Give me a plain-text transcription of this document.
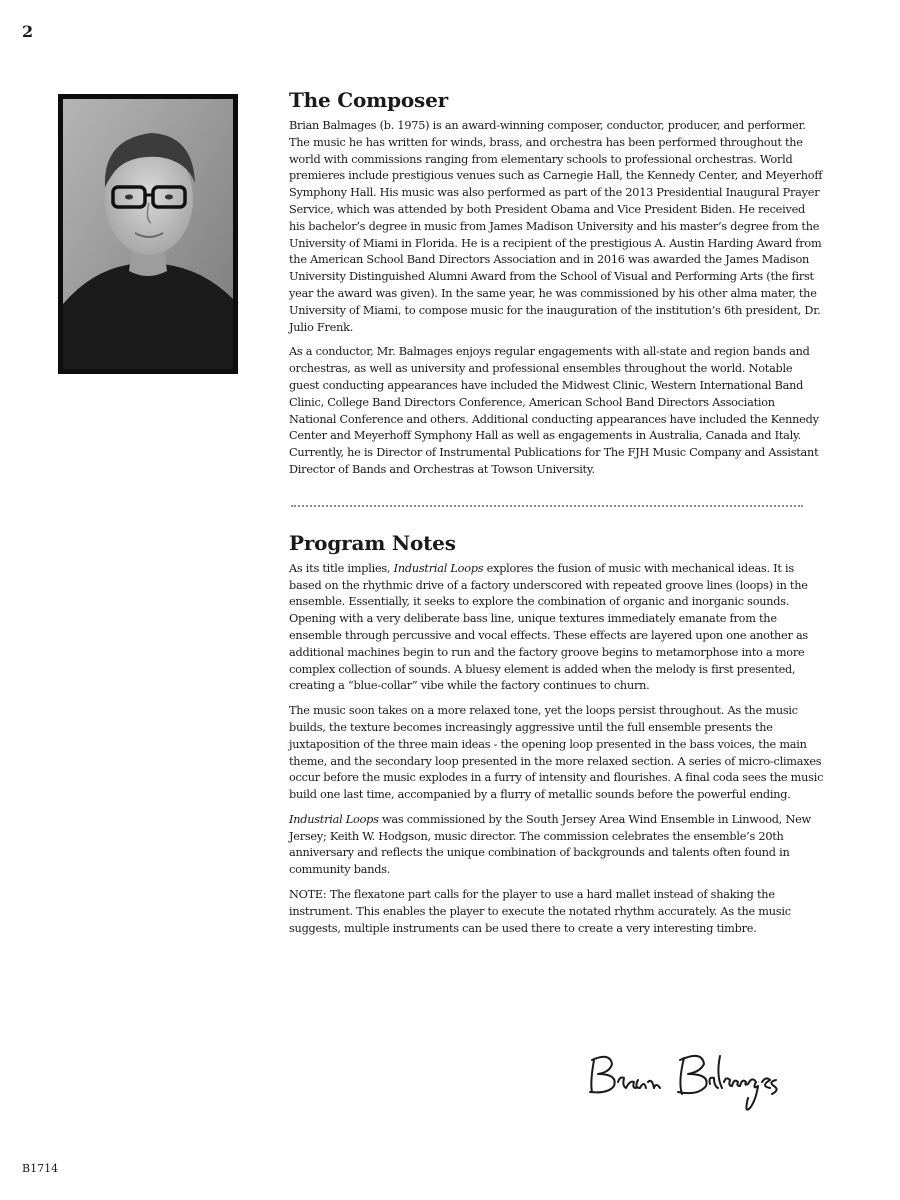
2
The Composer

Brian Balmages (b. 1975) is an award-winning composer, conductor, producer, and performer. The music he has written for winds, brass, and orchestra has been performed throughout the world with commissions ranging from elementary schools to professional orchestras. World premieres include prestigious venues such as Carnegie Hall, the Kennedy Center, and Meyerhoff Symphony Hall. His music was also performed as part of the 2013 Presidential Inaugural Prayer Service, which was attended by both President Obama and Vice President Biden. He received his bachelor’s degree in music from James Madison University and his master’s degree from the University of Miami in Florida. He is a recipient of the prestigious A. Austin Harding Award from the American School Band Directors Association and in 2016 was awarded the James Madison University Distinguished Alumni Award from the School of Visual and Performing Arts (the first year the award was given). In the same year, he was commissioned by his other alma mater, the University of Miami, to compose music for the inauguration of the institution’s 6th president, Dr. Julio Frenk.

As a conductor, Mr. Balmages enjoys regular engagements with all-state and region bands and orchestras, as well as university and professional ensembles throughout the world. Notable guest conducting appearances have included the Midwest Clinic, Western International Band Clinic, College Band Directors Conference, American School Band Directors Association National Conference and others. Additional conducting appearances have included the Kennedy Center and Meyerhoff Symphony Hall as well as engagements in Australia, Canada and Italy. Currently, he is Director of Instrumental Publications for The FJH Music Company and Assistant Director of Bands and Orchestras at Towson University.

Program Notes

As its title implies, Industrial Loops explores the fusion of music with mechanical ideas. It is based on the rhythmic drive of a factory underscored with repeated groove lines (loops) in the ensemble. Essentially, it seeks to explore the combination of organic and inorganic sounds. Opening with a very deliberate bass line, unique textures immediately emanate from the ensemble through percussive and vocal effects. These effects are layered upon one another as additional machines begin to run and the factory groove begins to metamorphose into a more complex collection of sounds. A bluesy element is added when the melody is first presented, creating a “blue-collar” vibe while the factory continues to churn.

The music soon takes on a more relaxed tone, yet the loops persist throughout. As the music builds, the texture becomes increasingly aggressive until the full ensemble presents the juxtaposition of the three main ideas - the opening loop presented in the bass voices, the main theme, and the secondary loop presented in the more relaxed section. A series of micro-climaxes occur before the music explodes in a furry of intensity and flourishes. A final coda sees the music build one last time, accompanied by a flurry of metallic sounds before the powerful ending.

Industrial Loops was commissioned by the South Jersey Area Wind Ensemble in Linwood, New Jersey; Keith W. Hodgson, music director. The commission celebrates the ensemble’s 20th anniversary and reflects the unique combination of backgrounds and talents often found in community bands.

NOTE: The flexatone part calls for the player to use a hard mallet instead of shaking the instrument. This enables the player to execute the notated rhythm accurately. As the music suggests, multiple instruments can be used there to create a very interesting timbre.

B1714
